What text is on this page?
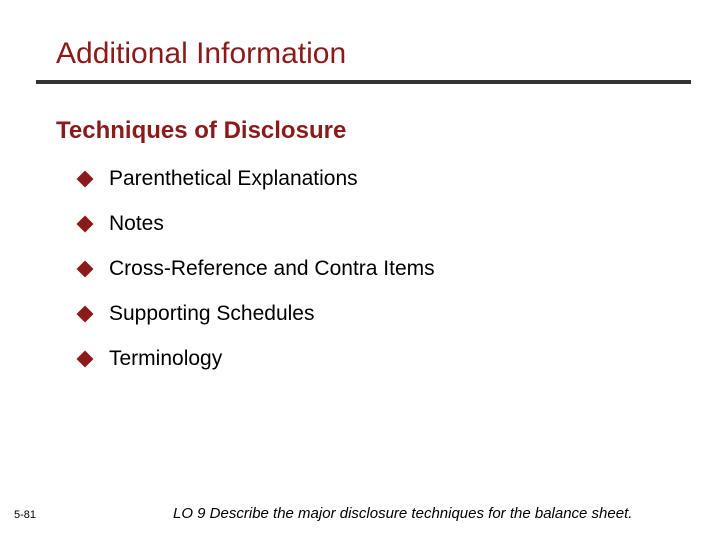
Additional Information
Techniques of Disclosure
Parenthetical Explanations
Notes
Cross-Reference and Contra Items
Supporting Schedules
Terminology
5-81	LO 9 Describe the major disclosure techniques for the balance sheet.
